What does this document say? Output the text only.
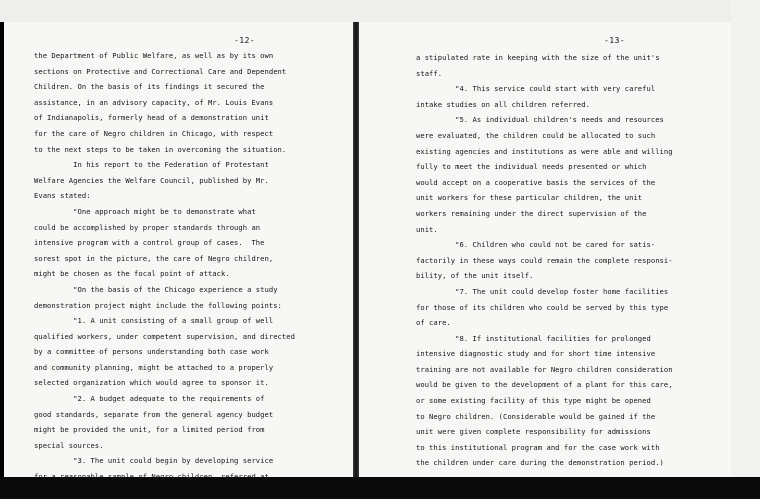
-12-
the Department of Public Welfare, as well as by its own
sections on Protective and Correctional Care and Dependent
Children. On the basis of its findings it secured the
assistance, in an advisory capacity, of Mr. Louis Evans
of Indianapolis, formerly head of a demonstration unit
for the care of Negro children in Chicago, with respect
to the next steps to be taken in overcoming the situation.
In his report to the Federation of Protestant
Welfare Agencies the Welfare Council, published by Mr.
Evans stated:
"One approach might be to demonstrate what
could be accomplished by proper standards through an
intensive program with a control group of cases.  The
sorest spot in the picture, the care of Negro children,
might be chosen as the focal point of attack.
"On the basis of the Chicago experience a study
demonstration project might include the following points:
"1. A unit consisting of a small group of well
qualified workers, under competent supervision, and directed
by a committee of persons understanding both case work
and community planning, might be attached to a properly
selected organization which would agree to sponsor it.
"2. A budget adequate to the requirements of
good standards, separate from the general agency budget
might be provided the unit, for a limited period from
special sources.
"3. The unit could begin by developing service
’
-13-
a stipulated rate in keeping with the size of the unit's
staff.
"4. This service could start with very careful
intake studies on all children referred.
"5. As individual children's needs and resources
were evaluated, the children could be allocated to such
existing agencies and institutions as were able and willing
fully to meet the individual needs presented or which
would accept on a cooperative basis the services of the
unit workers for these particular children, the unit
workers remaining under the direct supervision of the
unit.
"6. Children who could not be cared for satis-
factorily in these ways could remain the complete responsi-
bility, of the unit itself.
"7. The unit could develop foster home facilities
for those of its children who could be served by this type
of care.
"8. If institutional facilities for prolonged
intensive diagnostic study and for short time intensive
training are not available for Negro children consideration
would be given to the development of a plant for this care,
or some existing facility of this type might be opened
to Negro children. (Considerable would be gained if the
unit were given complete responsibility for admissions
to this institutional program and for the case work with
the children under care during the demonstration period.)
